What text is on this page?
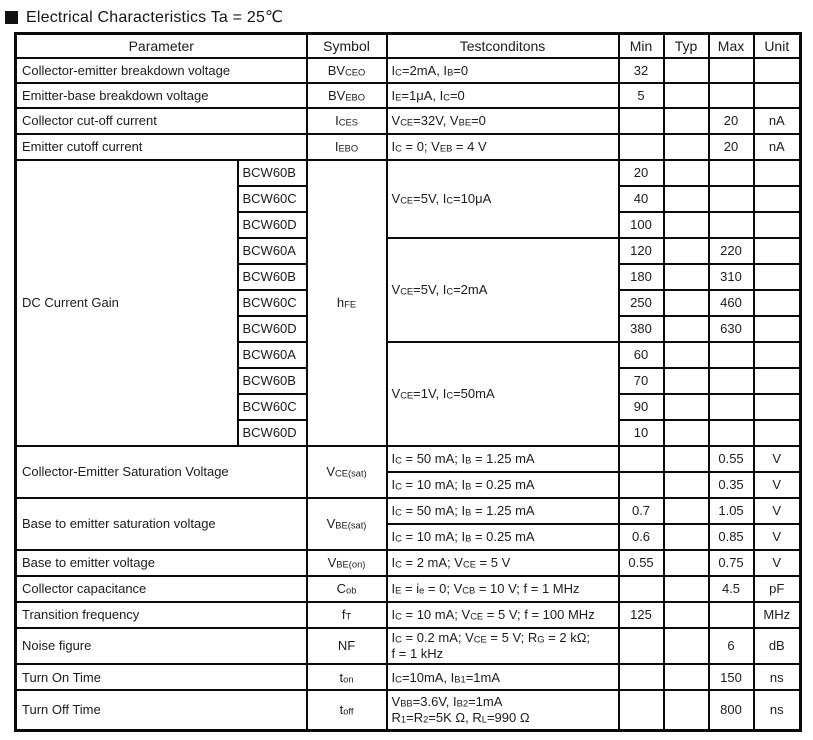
Electrical Characteristics Ta = 25℃
Parameter		Symbol	Testconditons	Min	Typ	Max	Unit
Collector-emitter breakdown voltage		$BV_{CEO}$	$I_C=2mA$, $I_B=0$	32			
Emitter-base breakdown voltage		$BV_{EBO}$	$I_E=1\mu A$, $I_C=0$	5			
Collector cut-off current		$I_{CES}$	$V_{CE}=32V$, $V_{BE}=0$			20	nA
Emitter cutoff current		$I_{EBO}$	$I_C = 0$; $V_{EB} = 4$ V			20	nA
DC Current Gain	BCW60B	$h_{FE}$	$V_{CE}=5V$, $I_C=10\mu A$	20			
	BCW60C			40			
	BCW60D			100			
	BCW60A		$V_{CE}=5V$, $I_C=2mA$	120		220	
	BCW60B			180		310	
	BCW60C			250		460	
	BCW60D			380		630	
	BCW60A		$V_{CE}=1V$, $I_C=50mA$	60			
	BCW60B			70			
	BCW60C			90			
	BCW60D			10			
Collector-Emitter Saturation Voltage		$V_{CE(sat)}$	$I_C = 50$ mA; $I_B = 1.25$ mA			0.55	V
			$I_C = 10$ mA; $I_B = 0.25$ mA			0.35	V
Base to emitter saturation voltage		$V_{BE(sat)}$	$I_C = 50$ mA; $I_B = 1.25$ mA	0.7		1.05	V
			$I_C = 10$ mA; $I_B = 0.25$ mA	0.6		0.85	V
Base to emitter voltage		$V_{BE(on)}$	$I_C = 2$ mA; $V_{CE} = 5$ V	0.55		0.75	V
Collector capacitance		$C_{ob}$	$I_E = i_e = 0$; $V_{CB} = 10$ V; f = 1 MHz			4.5	pF
Transition frequency		$f_T$	$I_C = 10$ mA; $V_{CE} = 5$ V; f = 100 MHz	125			MHz
Noise figure		NF	$I_C = 0.2$ mA; $V_{CE} = 5$ V; $R_G = 2$ kΩ;
f = 1 kHz			6	dB
Turn On Time		$t_{on}$	$I_C=10mA$, $I_{B1}=1mA$			150	ns
Turn Off Time		$t_{off}$	$V_{BB}=3.6V$, $I_{B2}=1mA$
$R_1=R_2=5K$ Ω, $R_L=990$ Ω			800	ns
